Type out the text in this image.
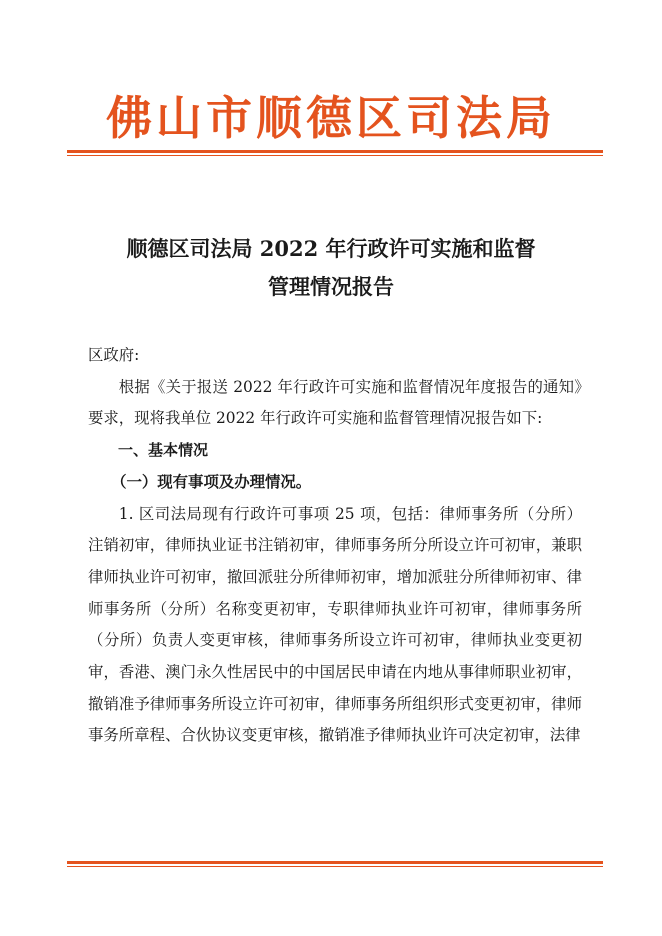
佛山市顺德区司法局
顺德区司法局 2022 年行政许可实施和监督
管理情况报告

区政府:

根据《关于报送 2022 年行政许可实施和监督情况年度报告的通知》要求，现将我单位 2022 年行政许可实施和监督管理情况报告如下:

一、基本情况

（一）现有事项及办理情况。

1. 区司法局现有行政许可事项 25 项，包括：律师事务所（分所）注销初审，律师执业证书注销初审，律师事务所分所设立许可初审，兼职律师执业许可初审，撤回派驻分所律师初审，增加派驻分所律师初审、律师事务所（分所）名称变更初审，专职律师执业许可初审，律师事务所（分所）负责人变更审核，律师事务所设立许可初审，律师执业变更初审，香港、澳门永久性居民中的中国居民申请在内地从事律师职业初审，撤销准予律师事务所设立许可初审，律师事务所组织形式变更初审，律师事务所章程、合伙协议变更审核，撤销准予律师执业许可决定初审，法律
